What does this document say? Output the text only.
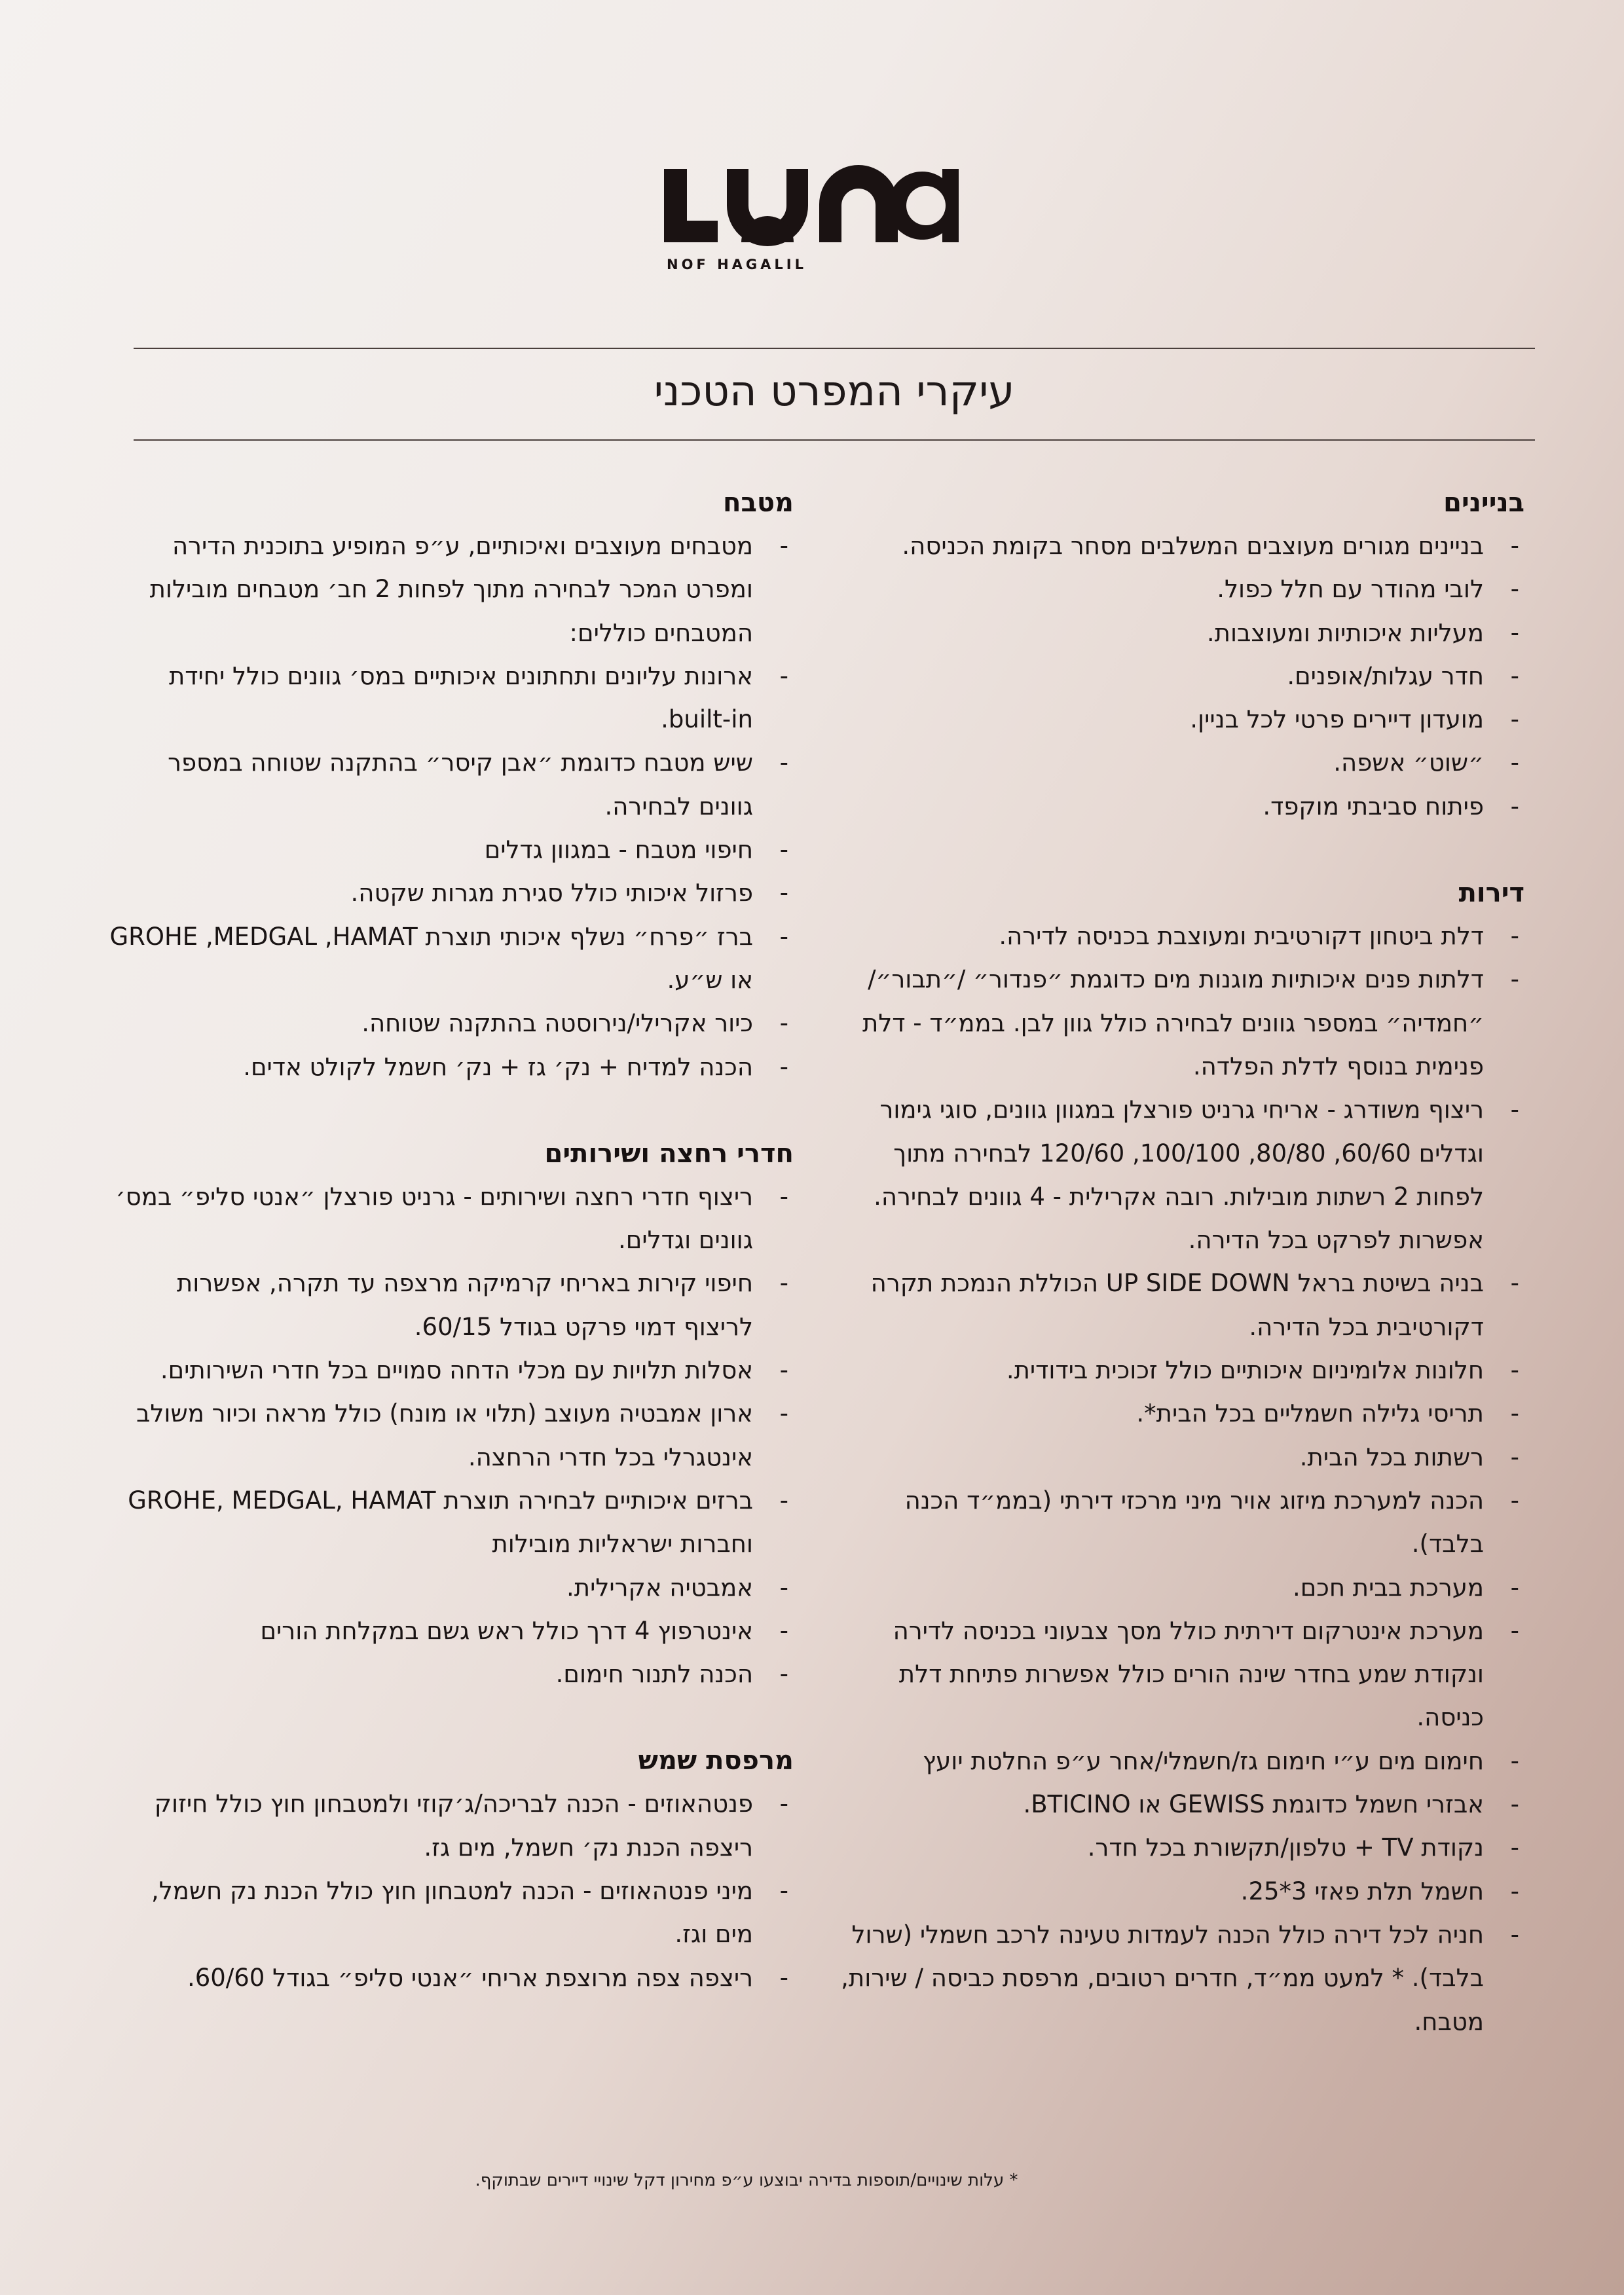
NOF HAGALIL
עיקרי המפרט הטכני
בניינים
-
בניינים מגורים מעוצבים המשלבים מסחר בקומת הכניסה.
-
לובי מהודר עם חלל כפול.
-
מעליות איכותיות ומעוצבות.
-
חדר עגלות/אופנים.
-
מועדון דיירים פרטי לכל בניין.
-
״שוט״ אשפה.
-
פיתוח סביבתי מוקפד.
דירות
-
דלת ביטחון דקורטיבית ומעוצבת בכניסה לדירה.
-
דלתות פנים איכותיות מוגנות מים כדוגמת ״פנדור״ /״תבור״/״חמדיה״ במספר גוונים לבחירה כולל גוון לבן. בממ״ד - דלת פנימית בנוסף לדלת הפלדה.
-
ריצוף משודרג - אריחי גרניט פורצלן במגוון גוונים, סוגי גימור וגדלים 60/60, 80/80, 100/100, 120/60 לבחירה מתוך לפחות 2 רשתות מובילות. רובה אקרילית - 4 גוונים לבחירה. אפשרות לפרקט בכל הדירה.
-
בניה בשיטת בראל UP SIDE DOWN הכוללת הנמכת תקרה דקורטיבית בכל הדירה.
-
חלונות אלומיניום איכותיים כולל זכוכית בידודית.
-
תריסי גלילה חשמליים בכל הבית*.
-
רשתות בכל הבית.
-
הכנה למערכת מיזוג אויר מיני מרכזי דירתי (בממ״ד הכנה בלבד).
-
מערכת בבית חכם.
-
מערכת אינטרקום דירתית כולל מסך צבעוני בכניסה לדירה ונקודת שמע בחדר שינה הורים כולל אפשרות פתיחת דלת כניסה.
-
חימום מים ע״י חימום גז/חשמלי/אחר ע״פ החלטת יועץ
-
אבזרי חשמל כדוגמת GEWISS או BTICINO.
-
נקודת TV + טלפון/תקשורת בכל חדר.
-
חשמל תלת פאזי 3*25.
-
חניה לכל דירה כולל הכנה לעמדות טעינה לרכב חשמלי (שרול בלבד). * למעט ממ״ד, חדרים רטובים, מרפסת כביסה / שירות, מטבח.
מטבח
-
מטבחים מעוצבים ואיכותיים, ע״פ המופיע בתוכנית הדירה ומפרט המכר לבחירה מתוך לפחות 2 חב׳ מטבחים מובילות המטבחים כוללים:
-
ארונות עליונים ותחתונים איכותיים במס׳ גוונים כולל יחידת built-in.
-
שיש מטבח כדוגמת ״אבן קיסר״ בהתקנה שטוחה במספר גוונים לבחירה.
-
חיפוי מטבח - במגוון גדלים
-
פרזול איכותי כולל סגירת מגרות שקטה.
-
ברז ״פרח״ נשלף איכותי תוצרת GROHE ,MEDGAL ,HAMAT או ש״ע.
-
כיור אקרילי/נירוסטה בהתקנה שטוחה.
-
הכנה למדיח + נק׳ גז + נק׳ חשמל לקולט אדים.
חדרי רחצה ושירותים
-
ריצוף חדרי רחצה ושירותים - גרניט פורצלן ״אנטי סליפ״ במס׳ גוונים וגדלים.
-
חיפוי קירות באריחי קרמיקה מרצפה עד תקרה, אפשרות לריצוף דמוי פרקט בגודל 60/15.
-
אסלות תלויות עם מכלי הדחה סמויים בכל חדרי השירותים.
-
ארון אמבטיה מעוצב (תלוי או מונח) כולל מראה וכיור משולב אינטגרלי בכל חדרי הרחצה.
-
ברזים איכותיים לבחירה תוצרת GROHE, MEDGAL, HAMAT וחברות ישראליות מובילות
-
אמבטיה אקרילית.
-
אינטרפוץ 4 דרך כולל ראש גשם במקלחת הורים
-
הכנה לתנור חימום.
מרפסת שמש
-
פנטהאוזים - הכנה לבריכה/ג׳קוזי ולמטבחון חוץ כולל חיזוק ריצפה הכנת נק׳ חשמל, מים גז.
-
מיני פנטהאוזים - הכנה למטבחון חוץ כולל הכנת נק חשמל, מים וגז.
-
ריצפה צפה מרוצפת אריחי ״אנטי סליפ״ בגודל 60/60.
* עלות שינויים/תוספות בדירה יבוצעו ע״פ מחירון דקל שינויי דיירים שבתוקף.
